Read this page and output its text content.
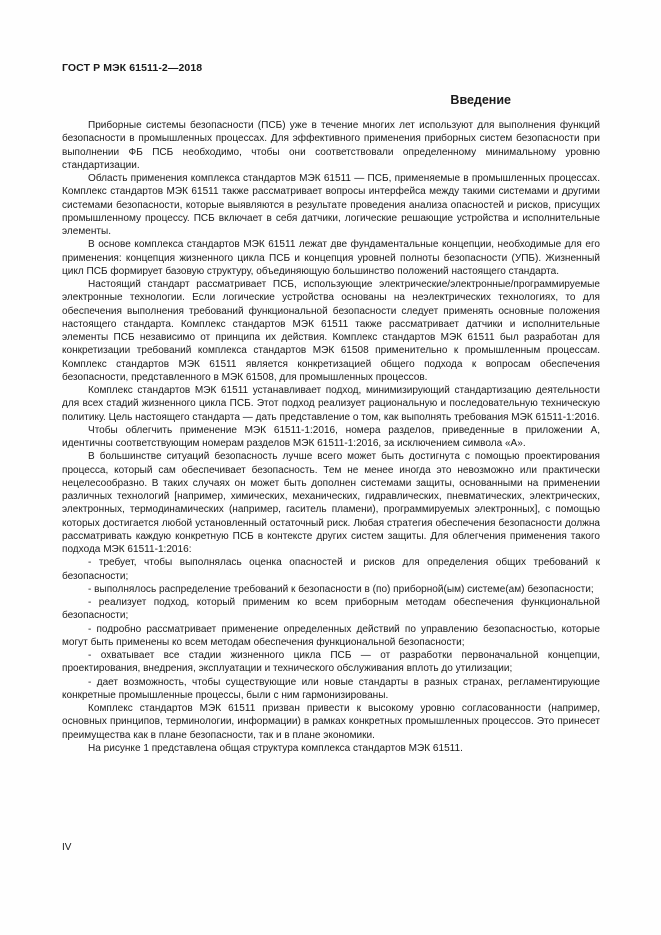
ГОСТ Р МЭК 61511-2—2018
Введение

Приборные системы безопасности (ПСБ) уже в течение многих лет используют для выполнения функций безопасности в промышленных процессах. Для эффективного применения приборных систем безопасности при выполнении ФБ ПСБ необходимо, чтобы они соответствовали определенному минимальному уровню стандартизации.

Область применения комплекса стандартов МЭК 61511 — ПСБ, применяемые в промышленных процессах. Комплекс стандартов МЭК 61511 также рассматривает вопросы интерфейса между такими системами и другими системами безопасности, которые выявляются в результате проведения анализа опасностей и рисков, присущих промышленному процессу. ПСБ включает в себя датчики, логические решающие устройства и исполнительные элементы.

В основе комплекса стандартов МЭК 61511 лежат две фундаментальные концепции, необходимые для его применения: концепция жизненного цикла ПСБ и концепция уровней полноты безопасности (УПБ). Жизненный цикл ПСБ формирует базовую структуру, объединяющую большинство положений настоящего стандарта.

Настоящий стандарт рассматривает ПСБ, использующие электрические/электронные/программируемые электронные технологии. Если логические устройства основаны на неэлектрических технологиях, то для обеспечения выполнения требований функциональной безопасности следует применять основные положения настоящего стандарта. Комплекс стандартов МЭК 61511 также рассматривает датчики и исполнительные элементы ПСБ независимо от принципа их действия. Комплекс стандартов МЭК 61511 был разработан для конкретизации требований комплекса стандартов МЭК 61508 применительно к промышленным процессам. Комплекс стандартов МЭК 61511 является конкретизацией общего подхода к вопросам обеспечения безопасности, представленного в МЭК 61508, для промышленных процессов.

Комплекс стандартов МЭК 61511 устанавливает подход, минимизирующий стандартизацию деятельности для всех стадий жизненного цикла ПСБ. Этот подход реализует рациональную и последовательную техническую политику. Цель настоящего стандарта — дать представление о том, как выполнять требования МЭК 61511-1:2016.

Чтобы облегчить применение МЭК 61511-1:2016, номера разделов, приведенные в приложении А, идентичны соответствующим номерам разделов МЭК 61511-1:2016, за исключением символа «А».

В большинстве ситуаций безопасность лучше всего может быть достигнута с помощью проектирования процесса, который сам обеспечивает безопасность. Тем не менее иногда это невозможно или практически нецелесообразно. В таких случаях он может быть дополнен системами защиты, основанными на применении различных технологий [например, химических, механических, гидравлических, пневматических, электрических, электронных, термодинамических (например, гаситель пламени), программируемых электронных], с помощью которых достигается любой установленный остаточный риск. Любая стратегия обеспечения безопасности должна рассматривать каждую конкретную ПСБ в контексте других систем защиты. Для облегчения применения такого подхода МЭК 61511-1:2016:

- требует, чтобы выполнялась оценка опасностей и рисков для определения общих требований к безопасности;

- выполнялось распределение требований к безопасности в (по) приборной(ым) системе(ам) безопасности;

- реализует подход, который применим ко всем приборным методам обеспечения функциональной безопасности;

- подробно рассматривает применение определенных действий по управлению безопасностью, которые могут быть применены ко всем методам обеспечения функциональной безопасности;

- охватывает все стадии жизненного цикла ПСБ — от разработки первоначальной концепции, проектирования, внедрения, эксплуатации и технического обслуживания вплоть до утилизации;

- дает возможность, чтобы существующие или новые стандарты в разных странах, регламентирующие конкретные промышленные процессы, были с ним гармонизированы.

Комплекс стандартов МЭК 61511 призван привести к высокому уровню согласованности (например, основных принципов, терминологии, информации) в рамках конкретных промышленных процессов. Это принесет преимущества как в плане безопасности, так и в плане экономики.

На рисунке 1 представлена общая структура комплекса стандартов МЭК 61511.

IV
